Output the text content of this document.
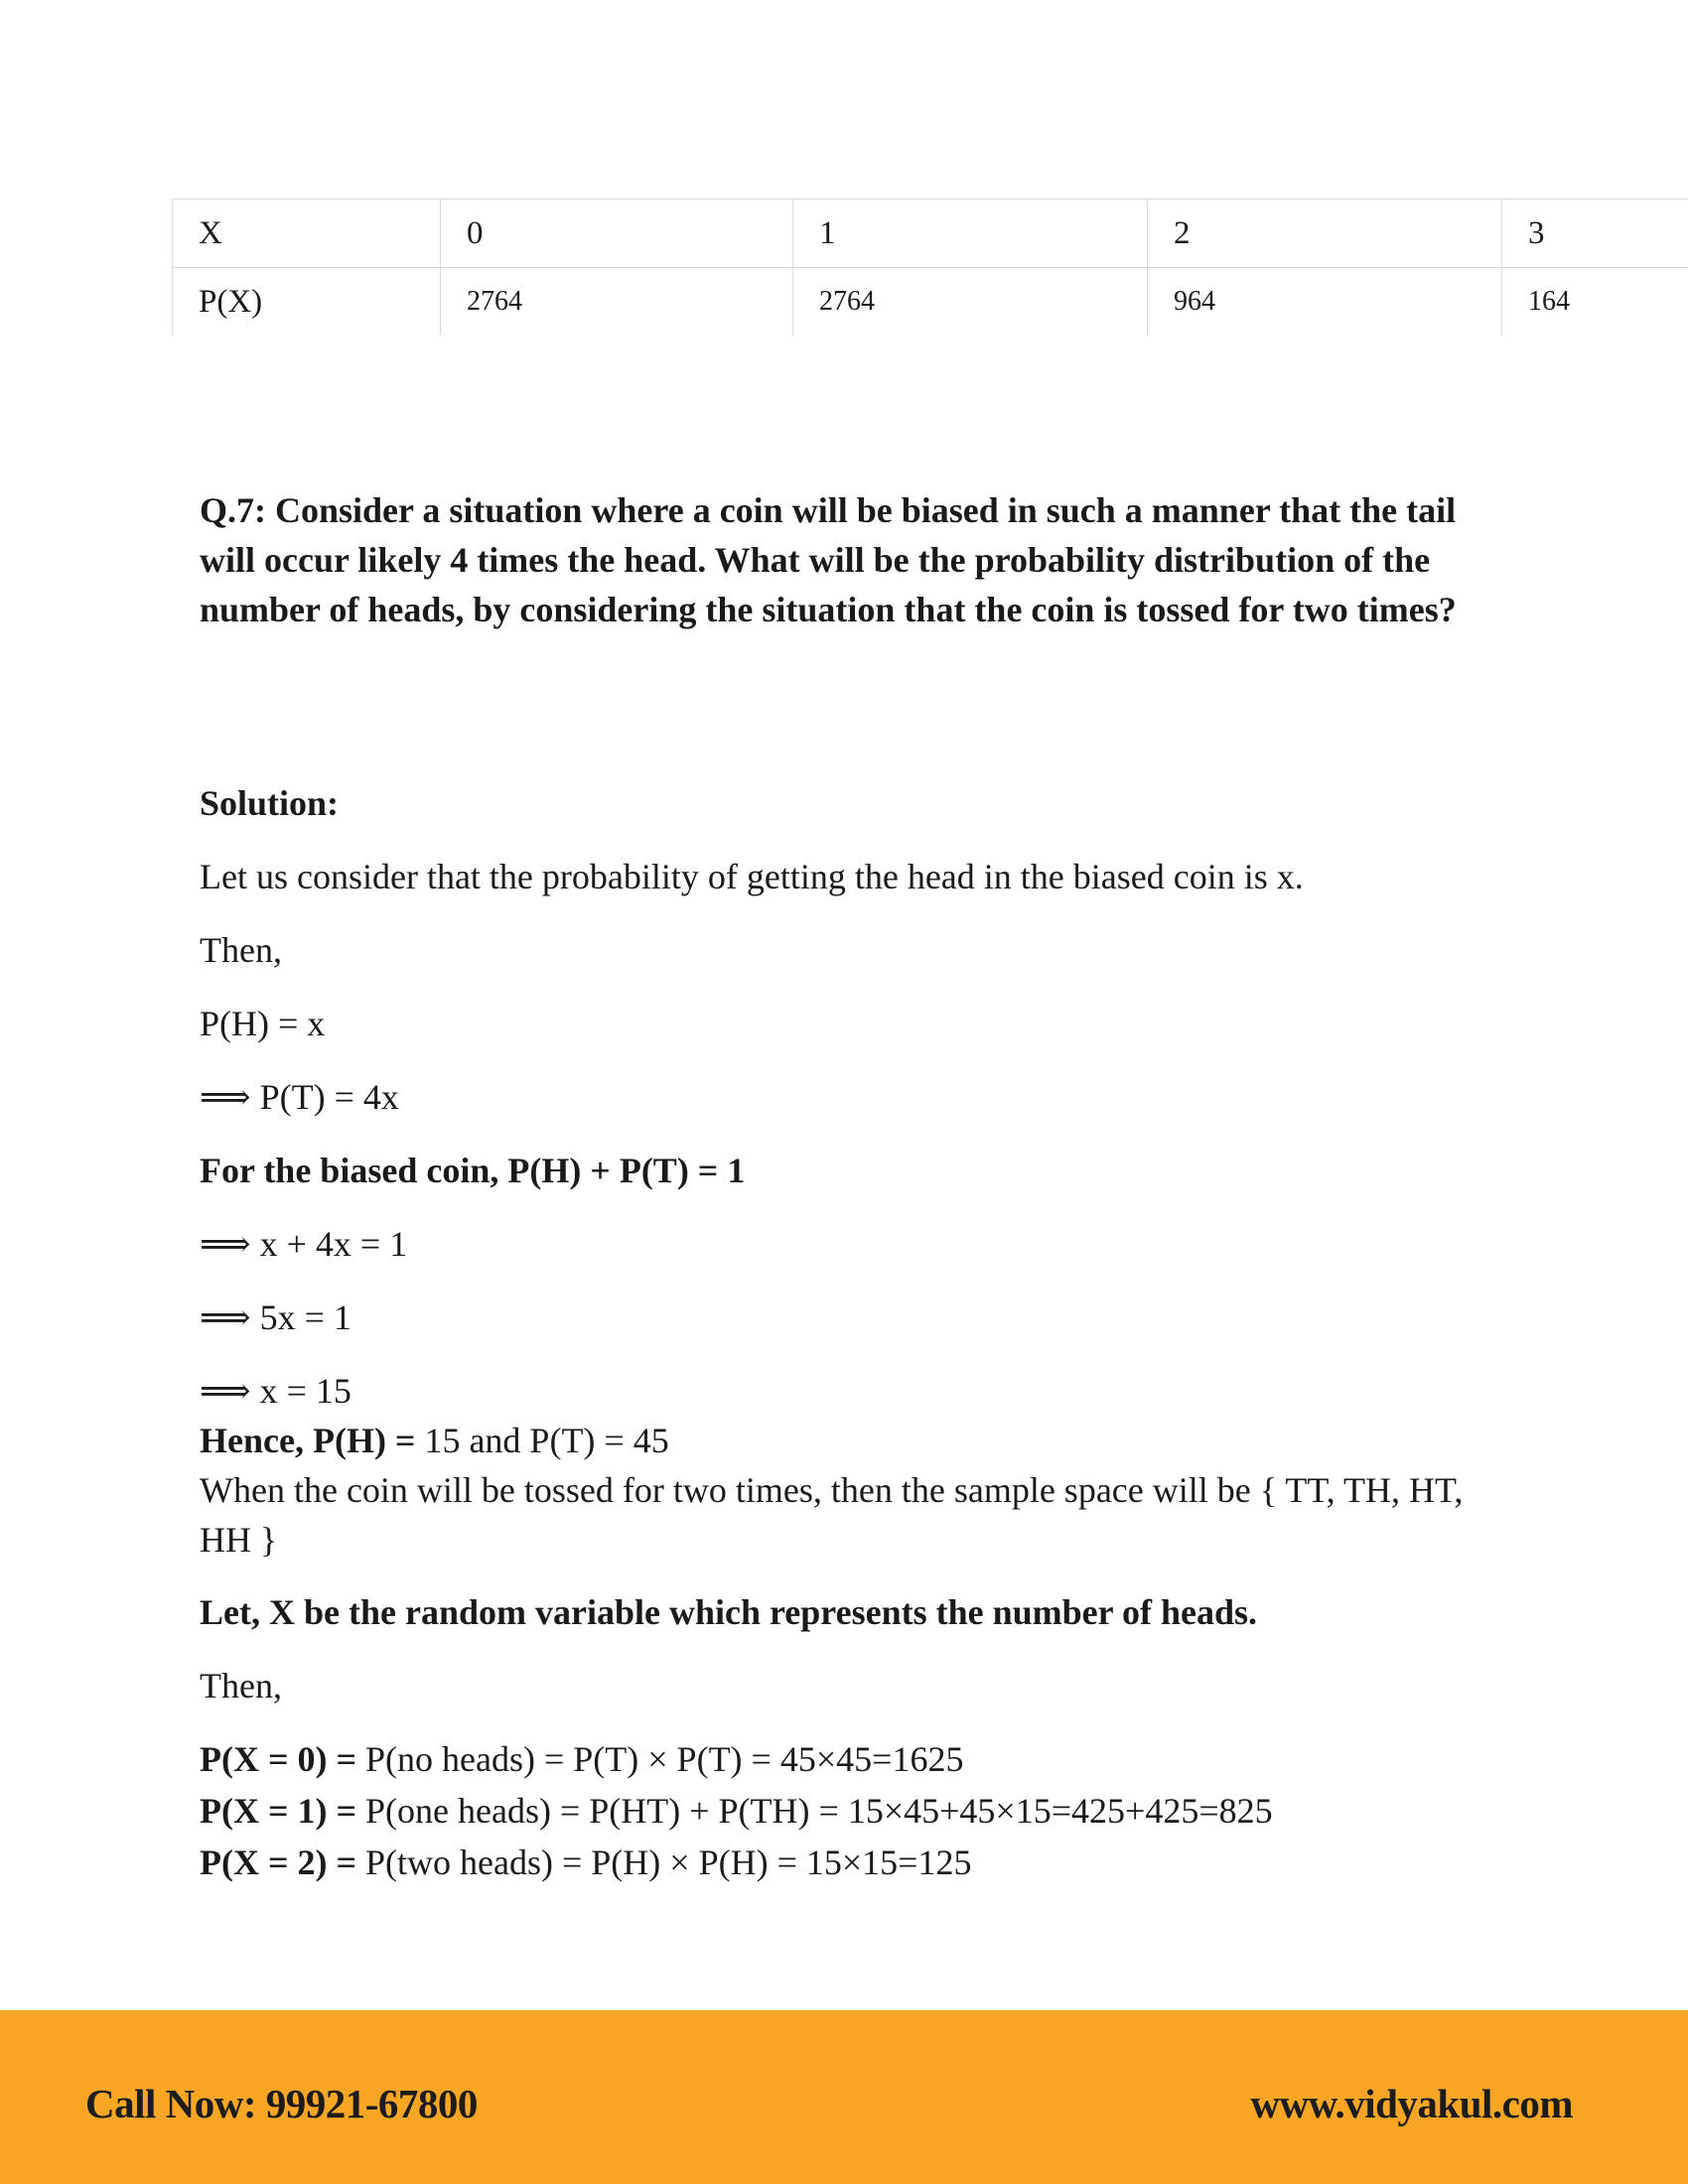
X	0	1	2	3
P(X)	2764	2764	964	164

Q.7: Consider a situation where a coin will be biased in such a manner that the tail will occur likely 4 times the head. What will be the probability distribution of the number of heads, by considering the situation that the coin is tossed for two times?

Solution:

Let us consider that the probability of getting the head in the biased coin is x.

Then,

P(H) = x

⟹ P(T) = 4x

For the biased coin, P(H) + P(T) = 1

⟹ x + 4x = 1

⟹ 5x = 1

⟹ x = 15

Hence, P(H) = 15 and P(T) = 45

When the coin will be tossed for two times, then the sample space will be { TT, TH, HT, HH }

Let, X be the random variable which represents the number of heads.

Then,

P(X = 0) = P(no heads) = P(T) × P(T) = 45×45=1625

P(X = 1) = P(one heads) = P(HT) + P(TH) = 15×45+45×15=425+425=825

P(X = 2) = P(two heads) = P(H) × P(H) = 15×15=125

Call Now: 99921-67800	www.vidyakul.com
